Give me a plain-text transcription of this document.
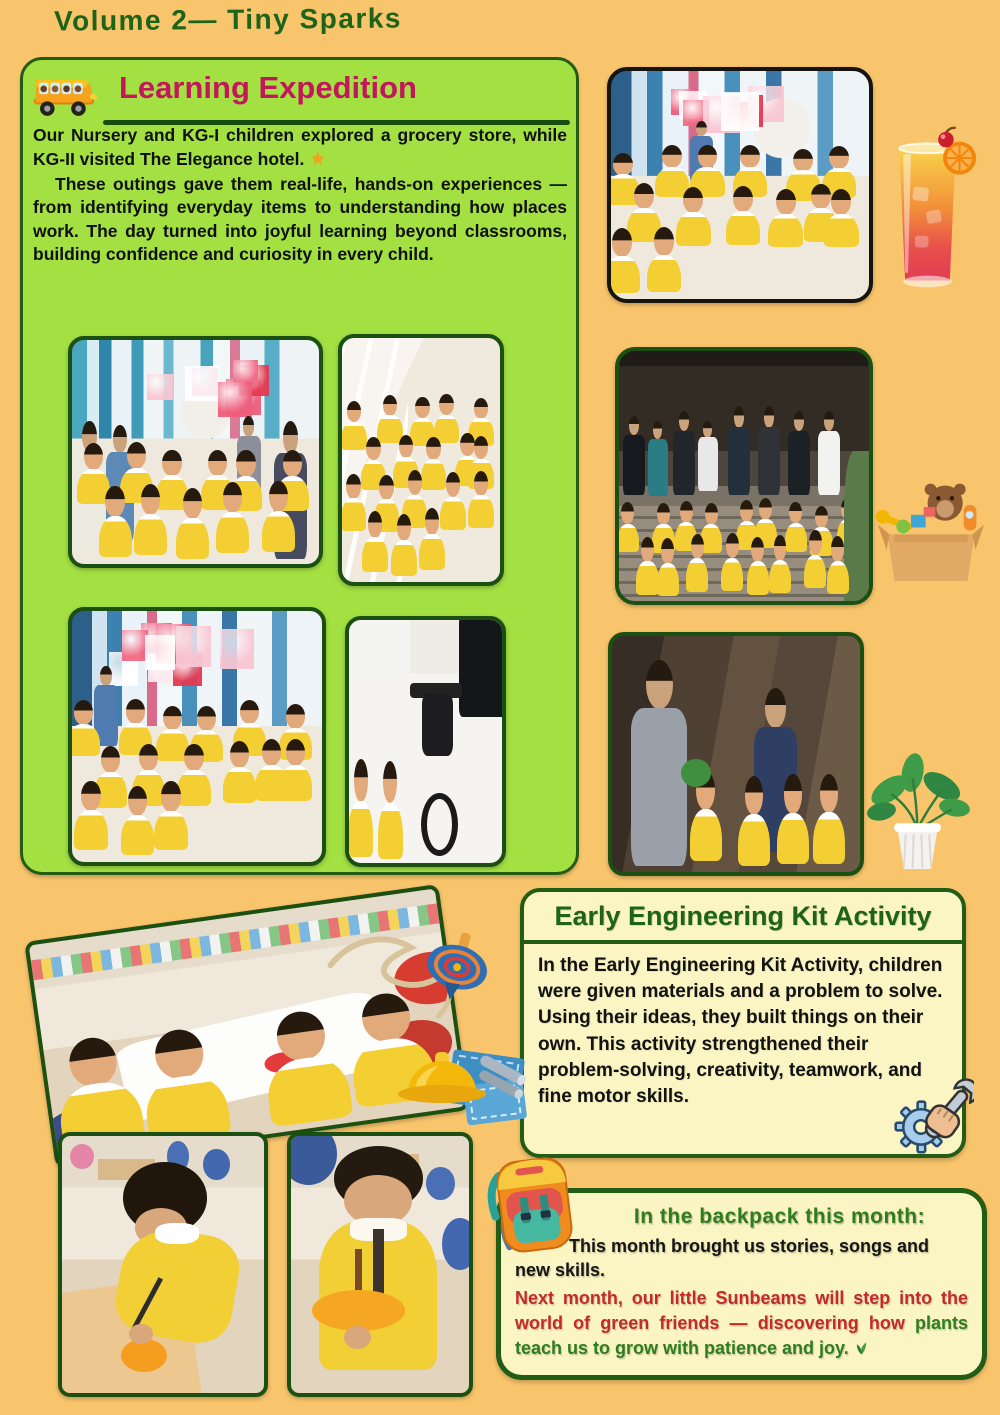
Volume 2— Tiny Sparks
Learning Expedition

Our Nursery and KG-I children explored a grocery store, while KG-II visited The Elegance hotel. ★

These outings gave them real-life, hands-on experiences — from identifying everyday items to understanding how places work. The day turned into joyful learning beyond classrooms, building confidence and curiosity in every child.

Early Engineering Kit Activity

In the Early Engineering Kit Activity, children were given materials and a problem to solve. Using their ideas, they built things on their own. This activity strengthened their problem-solving, creativity, teamwork, and fine motor skills.

In the backpack this month:

This month brought us stories, songs and new skills.

Next month, our little Sunbeams will step into the world of green friends — discovering how plants teach us to grow with patience and joy.
